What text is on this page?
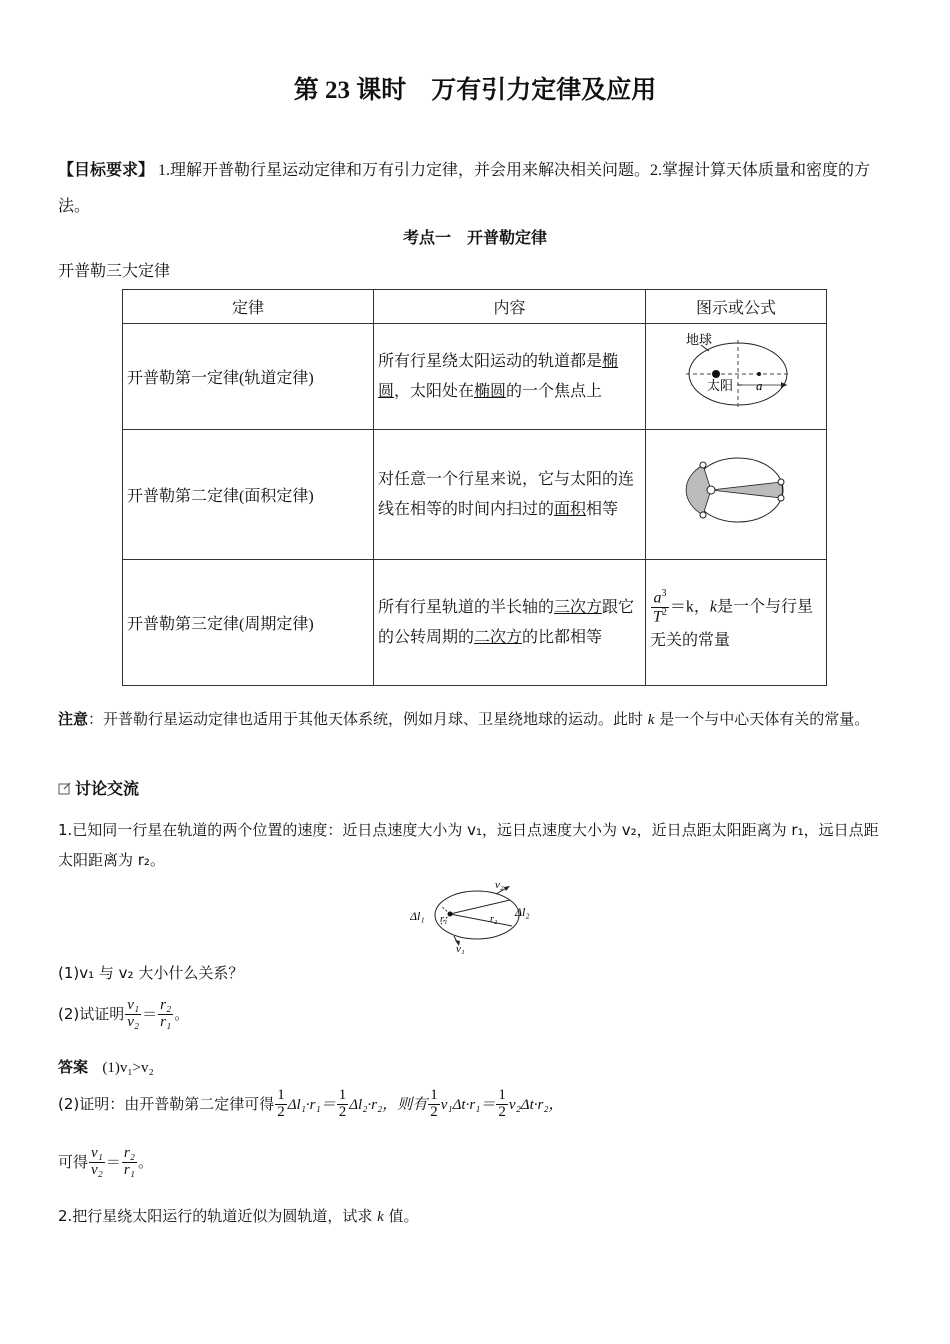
第 23 课时　万有引力定律及应用
【目标要求】 1.理解开普勒行星运动定律和万有引力定律，并会用来解决相关问题。2.掌握计算天体质量和密度的方法。
考点一　开普勒定律
开普勒三大定律
定律	内容	图示或公式
开普勒第一定律(轨道定律)	所有行星绕太阳运动的轨道都是椭圆，太阳处在椭圆的一个焦点上	地球
太阳 a

开普勒第二定律(面积定律)	对任意一个行星来说，它与太阳的连线在相等的时间内扫过的面积相等	
开普勒第三定律(周期定律)	所有行星轨道的半长轴的三次方跟它的公转周期的二次方的比都相等	$\frac{a^3}{T^2} =k$，k是一个与行星无关的常量
注意：开普勒行星运动定律也适用于其他天体系统，例如月球、卫星绕地球的运动。此时 k 是一个与中心天体有关的常量。
讨论交流
1.已知同一行星在轨道的两个位置的速度：近日点速度大小为 v₁，远日点速度大小为 v₂，近日点距太阳距离为 r₁，远日点距太阳距离为 r₂。
v₂
v₁
Δl₁	Δl₂
r₁	r₂
(1)v₁ 与 v₂ 大小什么关系？
(2)试证明 $\frac{\text{v₁}}{\text{v₂}} = \frac{\text{r₂}}{\text{r₁}}$ 。
答案 (1)v₁>v₂
(2)证明：由开普勒第二定律可得 $\frac{1}{2} \Delta l_1\cdot r_1= \frac{1}{2} \Delta l_2\cdot r_2$，则有 $\frac{1}{2} v_1\Delta t\cdot r_1= \frac{1}{2} v_2\Delta t\cdot r_2$，
可得 $\frac{\text{v₁}}{\text{v₂}} = \frac{\text{r₂}}{\text{r₁}}$ 。
2.把行星绕太阳运行的轨道近似为圆轨道，试求 k 值。
